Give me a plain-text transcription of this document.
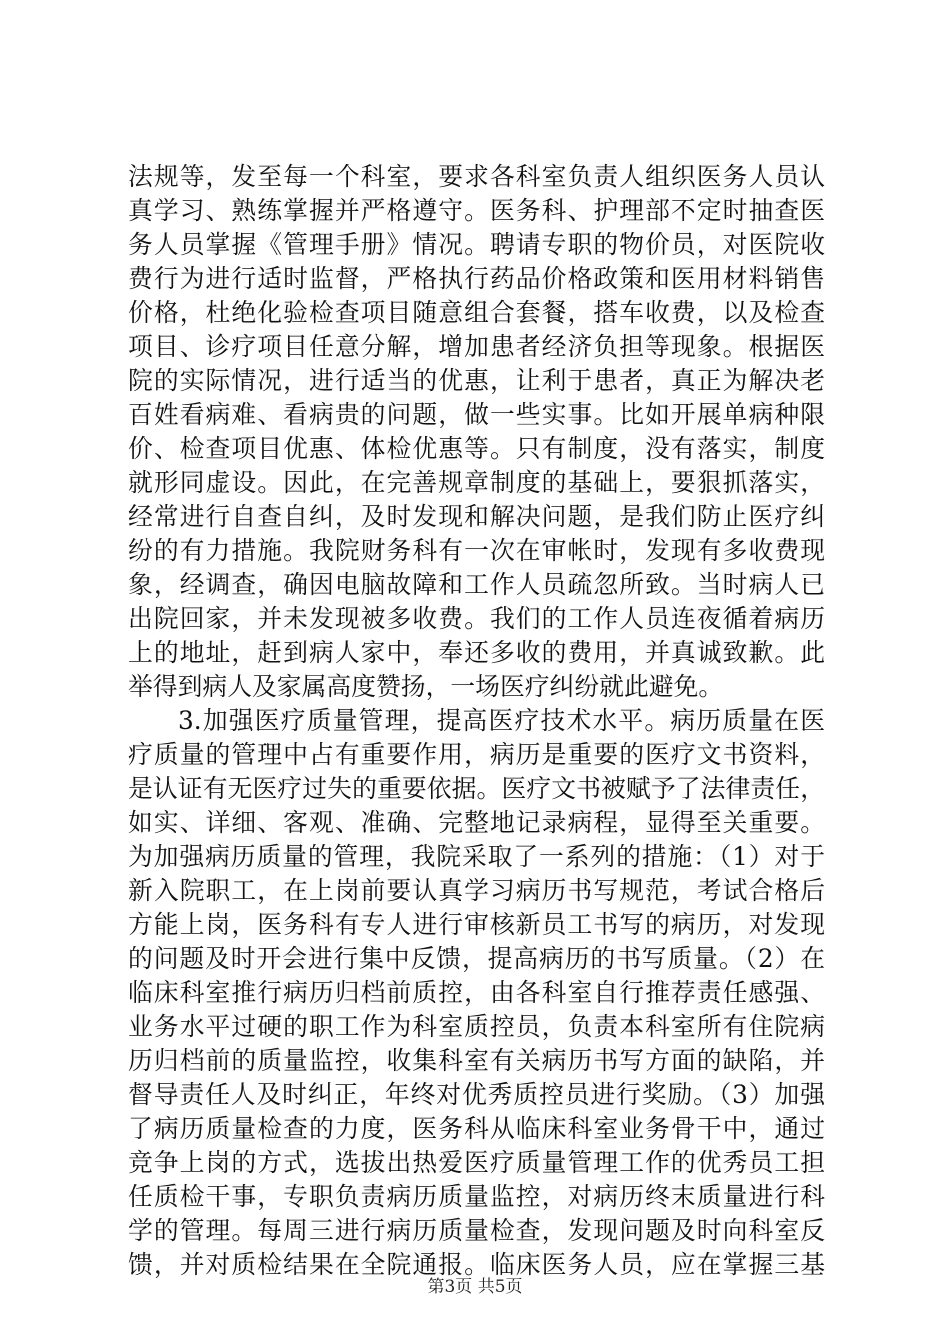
法规等，发至每一个科室，要求各科室负责人组织医务人员认
真学习、熟练掌握并严格遵守。医务科、护理部不定时抽查医
务人员掌握《管理手册》情况。聘请专职的物价员，对医院收
费行为进行适时监督，严格执行药品价格政策和医用材料销售
价格，杜绝化验检查项目随意组合套餐，搭车收费，以及检查
项目、诊疗项目任意分解，增加患者经济负担等现象。根据医
院的实际情况，进行适当的优惠，让利于患者，真正为解决老
百姓看病难、看病贵的问题，做一些实事。比如开展单病种限
价、检查项目优惠、体检优惠等。只有制度，没有落实，制度
就形同虚设。因此，在完善规章制度的基础上，要狠抓落实，
经常进行自查自纠，及时发现和解决问题，是我们防止医疗纠
纷的有力措施。我院财务科有一次在审帐时，发现有多收费现
象，经调查，确因电脑故障和工作人员疏忽所致。当时病人已
出院回家，并未发现被多收费。我们的工作人员连夜循着病历
上的地址，赶到病人家中，奉还多收的费用，并真诚致歉。此
举得到病人及家属高度赞扬，一场医疗纠纷就此避免。
3.加强医疗质量管理，提高医疗技术水平。病历质量在医
疗质量的管理中占有重要作用，病历是重要的医疗文书资料，
是认证有无医疗过失的重要依据。医疗文书被赋予了法律责任，
如实、详细、客观、准确、完整地记录病程，显得至关重要。
为加强病历质量的管理，我院采取了一系列的措施：（1）对于
新入院职工，在上岗前要认真学习病历书写规范，考试合格后
方能上岗，医务科有专人进行审核新员工书写的病历，对发现
的问题及时开会进行集中反馈，提高病历的书写质量。（2）在
临床科室推行病历归档前质控，由各科室自行推荐责任感强、
业务水平过硬的职工作为科室质控员，负责本科室所有住院病
历归档前的质量监控，收集科室有关病历书写方面的缺陷，并
督导责任人及时纠正，年终对优秀质控员进行奖励。（3）加强
了病历质量检查的力度，医务科从临床科室业务骨干中，通过
竞争上岗的方式，选拔出热爱医疗质量管理工作的优秀员工担
任质检干事，专职负责病历质量监控，对病历终末质量进行科
学的管理。每周三进行病历质量检查，发现问题及时向科室反
馈，并对质检结果在全院通报。临床医务人员，应在掌握三基
第3页 共5页
